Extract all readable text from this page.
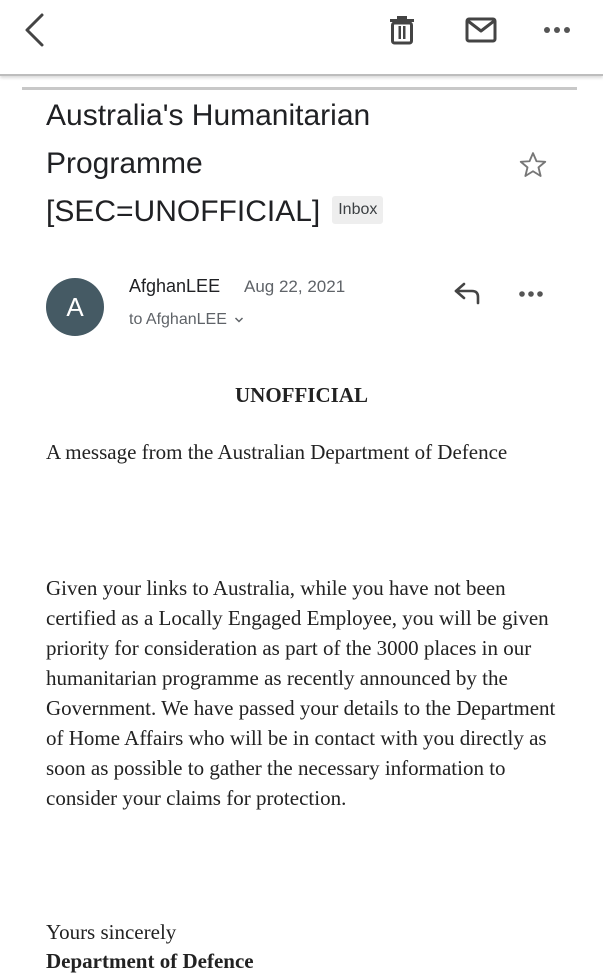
Australia's Humanitarian
Programme
[SEC=UNOFFICIAL] Inbox
A
AfghanLEE Aug 22, 2021
to AfghanLEE
UNOFFICIAL
A message from the Australian Department of Defence
Given your links to Australia, while you have not been certified as a Locally Engaged Employee, you will be given priority for consideration as part of the 3000 places in our humanitarian programme as recently announced by the Government. We have passed your details to the Department of Home Affairs who will be in contact with you directly as soon as possible to gather the necessary information to consider your claims for protection.
Yours sincerely
Department of Defence
